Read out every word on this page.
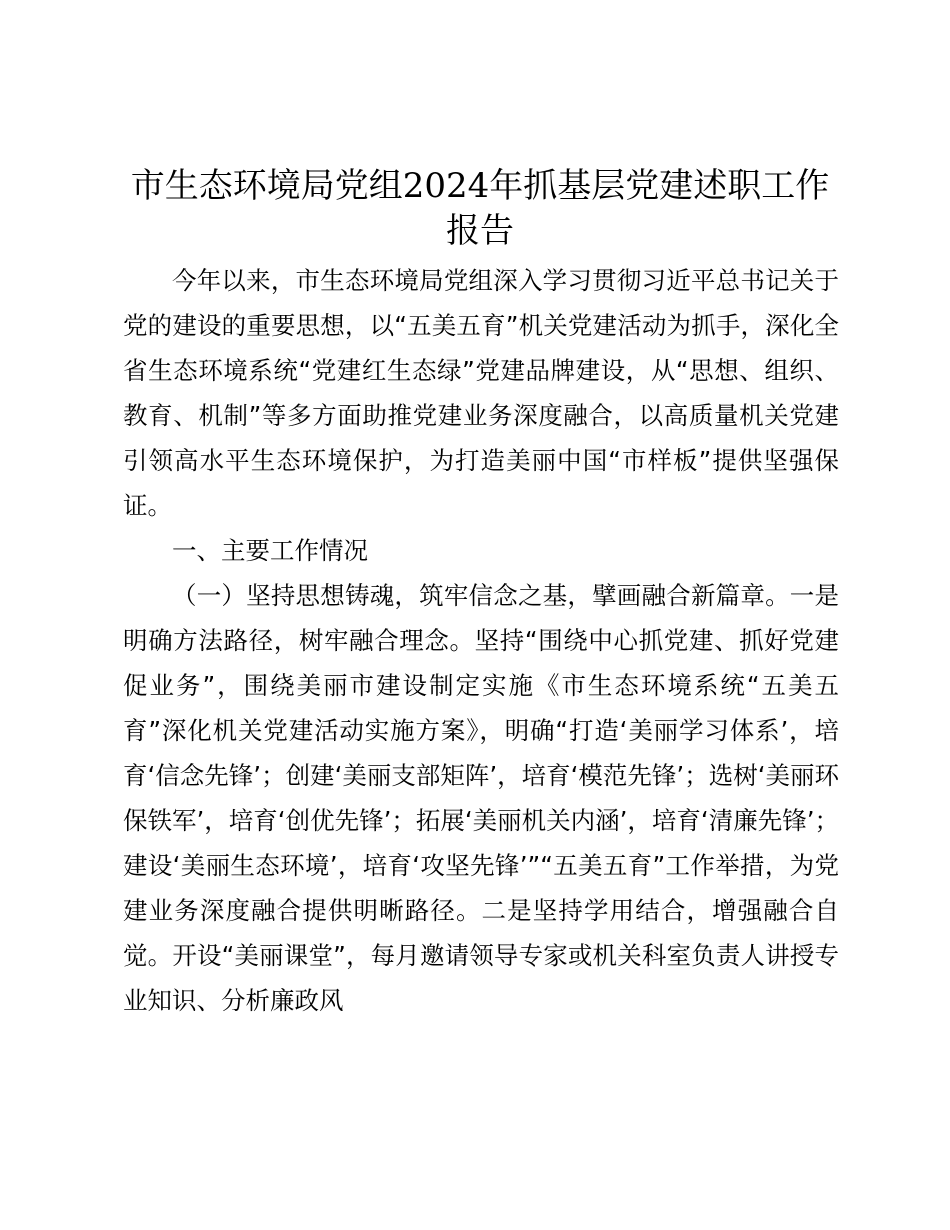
市生态环境局党组2024年抓基层党建述职工作
报告

今年以来，市生态环境局党组深入学习贯彻习近平总书记关于党的建设的重要思想，以“五美五育”机关党建活动为抓手，深化全省生态环境系统“党建红生态绿”党建品牌建设，从“思想、组织、教育、机制”等多方面助推党建业务深度融合，以高质量机关党建引领高水平生态环境保护，为打造美丽中国“市样板”提供坚强保证。

一、主要工作情况

（一）坚持思想铸魂，筑牢信念之基，擘画融合新篇章。一是明确方法路径，树牢融合理念。坚持“围绕中心抓党建、抓好党建促业务”，围绕美丽市建设制定实施《市生态环境系统“五美五育”深化机关党建活动实施方案》，明确“打造‘美丽学习体系’，培育‘信念先锋’；创建‘美丽支部矩阵’，培育‘模范先锋’；选树‘美丽环保铁军’，培育‘创优先锋’；拓展‘美丽机关内涵’，培育‘清廉先锋’；建设‘美丽生态环境’，培育‘攻坚先锋’”“五美五育”工作举措，为党建业务深度融合提供明晰路径。二是坚持学用结合，增强融合自觉。开设“美丽课堂”，每月邀请领导专家或机关科室负责人讲授专业知识、分析廉政风
